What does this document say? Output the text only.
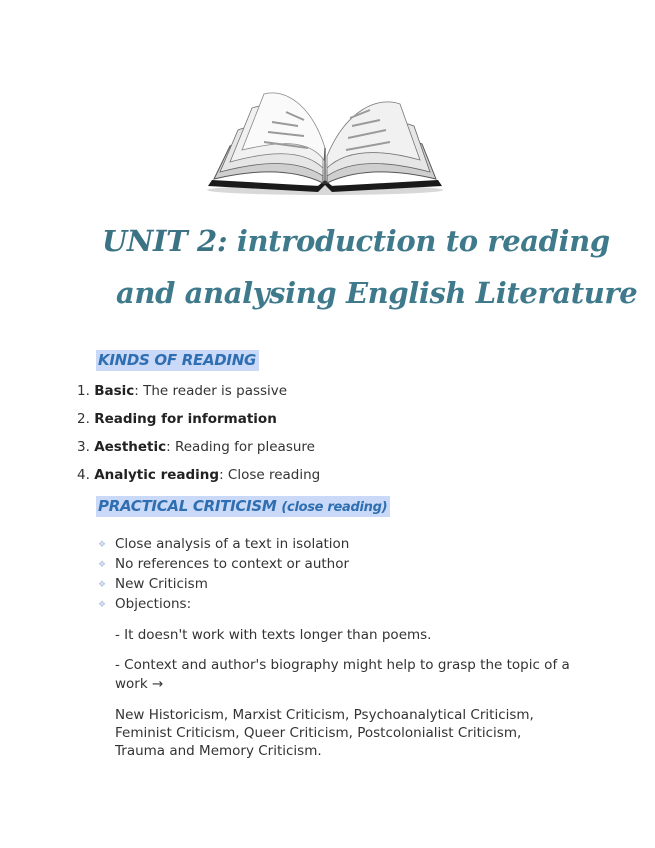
UNIT 2: introduction to reading
and analysing English Literature
KINDS OF READING
1. Basic: The reader is passive
2. Reading for information
3. Aesthetic: Reading for pleasure
4. Analytic reading: Close reading
PRACTICAL CRITICISM (close reading)
❖ Close analysis of a text in isolation
❖ No references to context or author
❖ New Criticism
❖ Objections:

- It doesn't work with texts longer than poems.

- Context and author's biography might help to grasp the topic of a work →

New Historicism, Marxist Criticism, Psychoanalytical Criticism, Feminist Criticism, Queer Criticism, Postcolonialist Criticism, Trauma and Memory Criticism.
